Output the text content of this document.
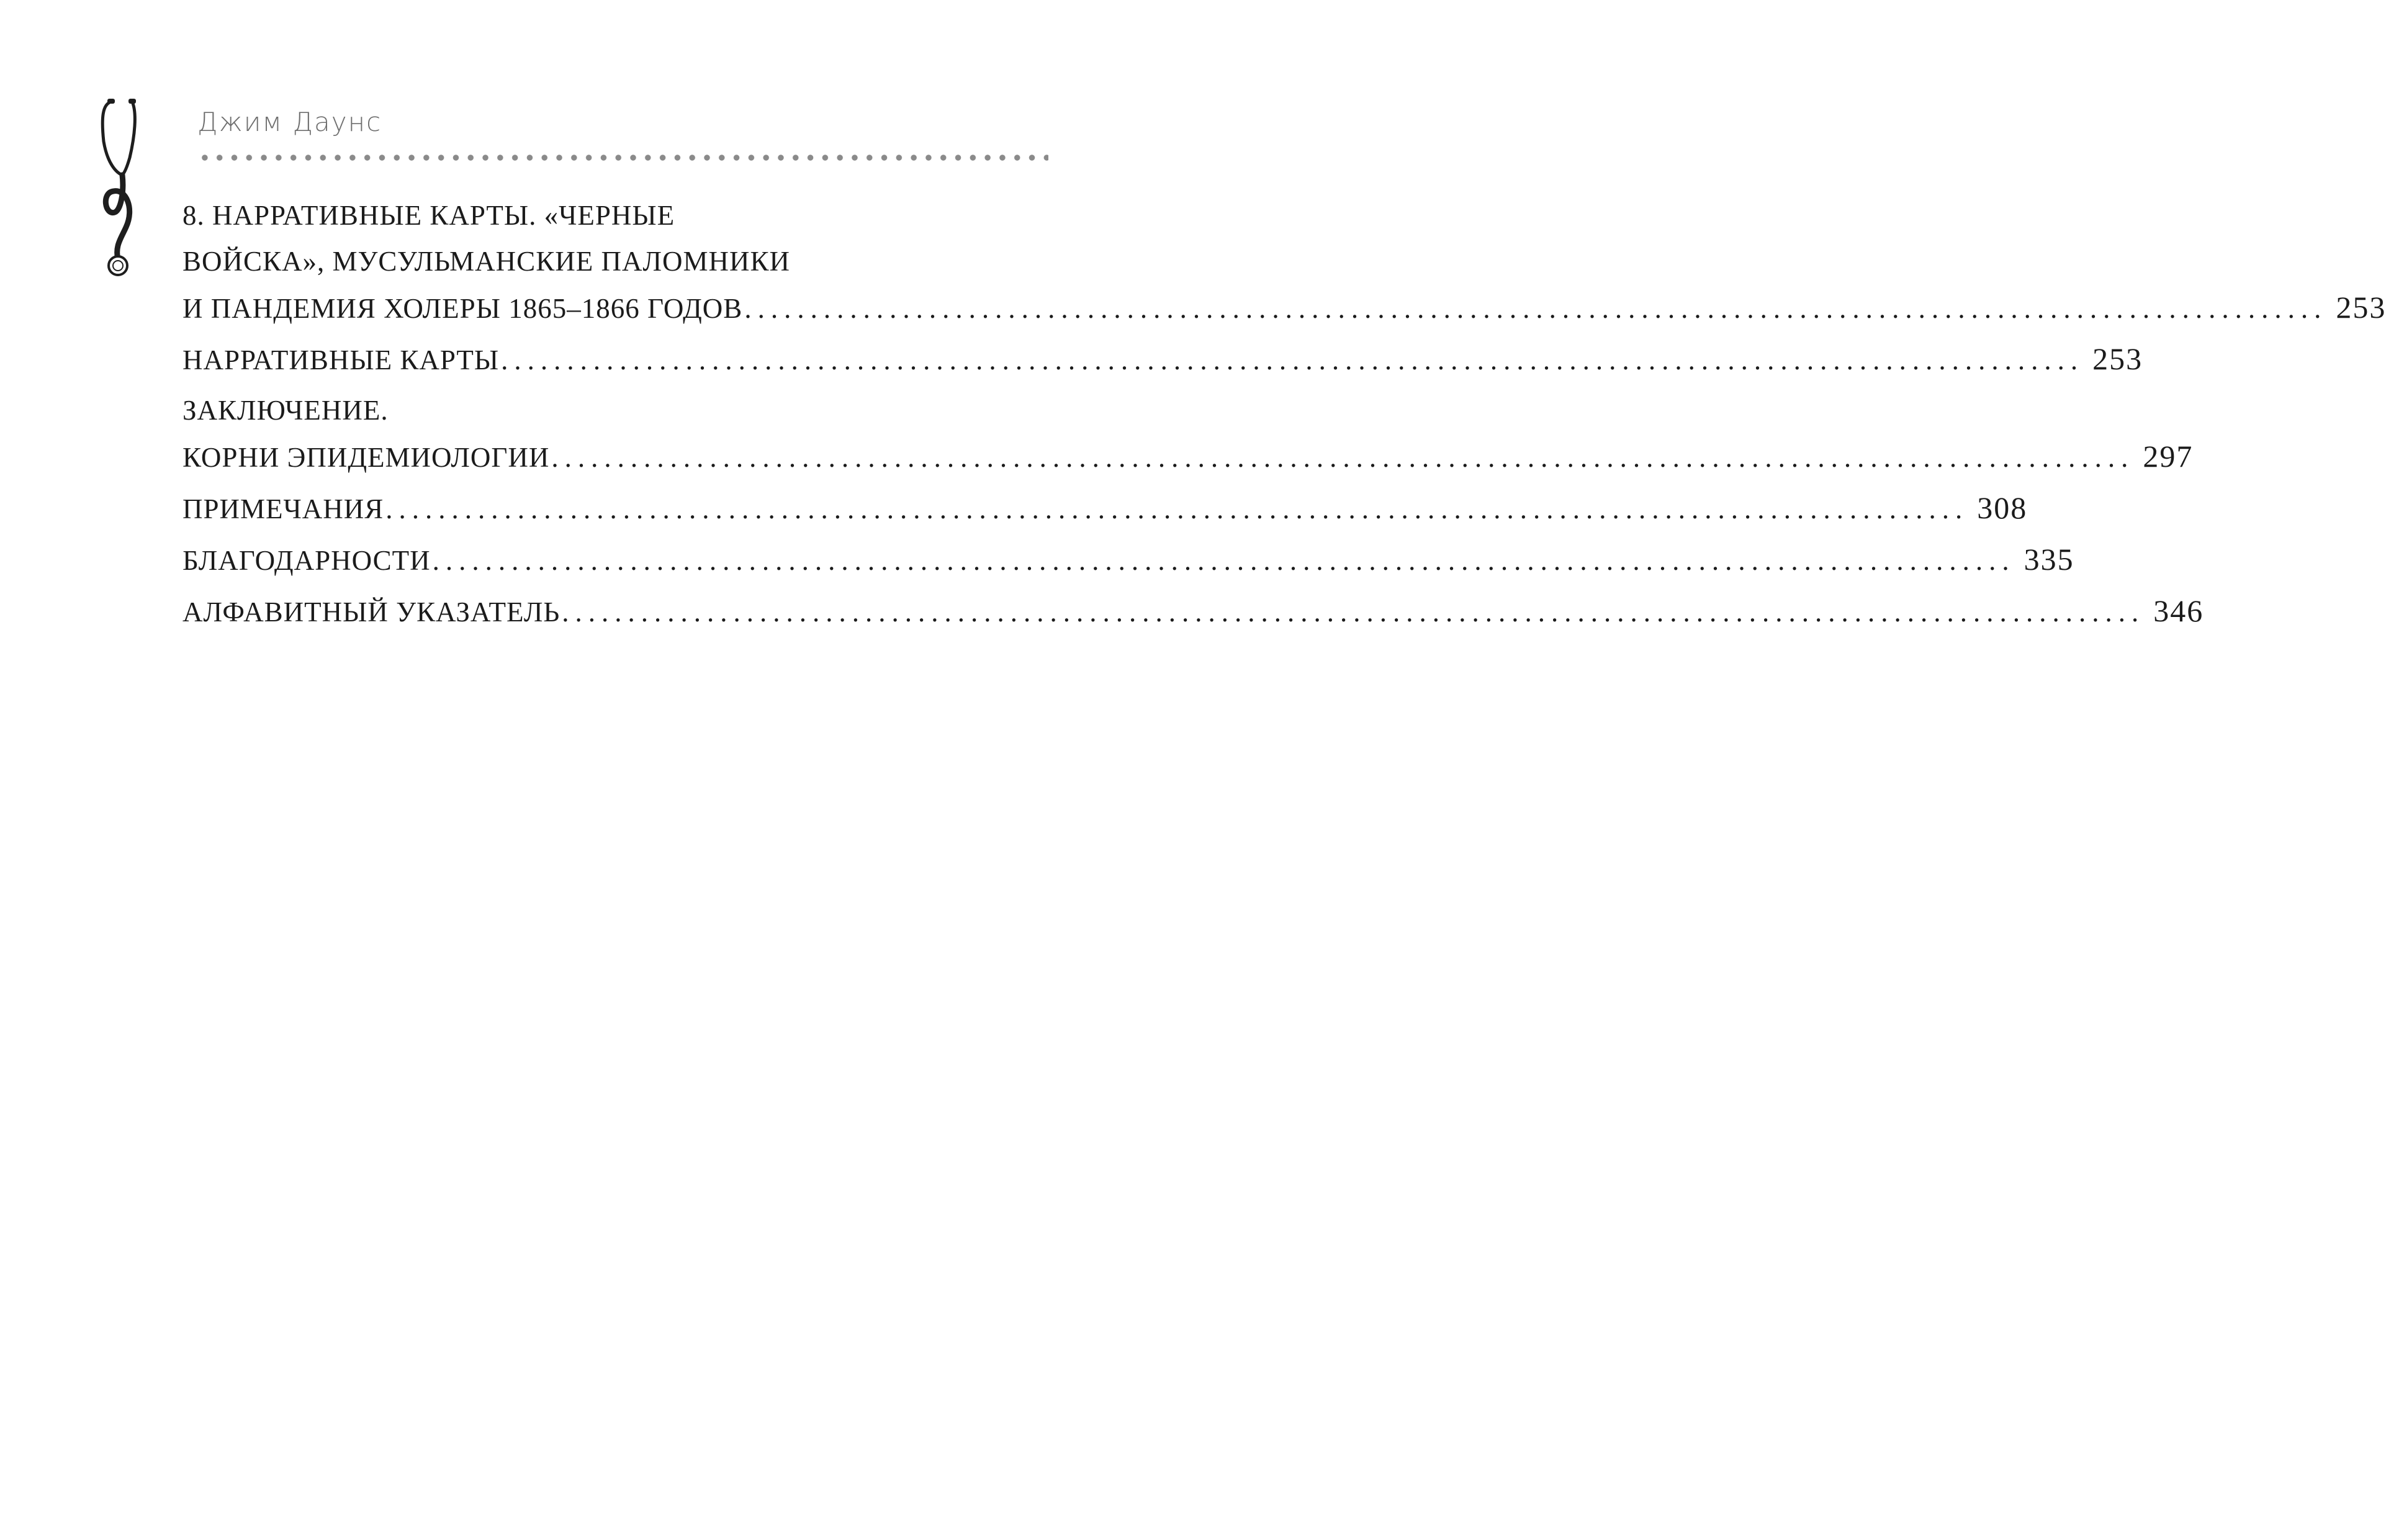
Джим Даунс
8. НАРРАТИВНЫЕ КАРТЫ. «ЧЕРНЫЕ
ВОЙСКА», МУСУЛЬМАНСКИЕ ПАЛОМНИКИ
И ПАНДЕМИЯ ХОЛЕРЫ 1865–1866 ГОДОВ ........................................................................................................................ 253
НАРРАТИВНЫЕ КАРТЫ ........................................................................................................................ 253
ЗАКЛЮЧЕНИЕ.
КОРНИ ЭПИДЕМИОЛОГИИ ........................................................................................................................ 297
ПРИМЕЧАНИЯ ........................................................................................................................ 308
БЛАГОДАРНОСТИ ........................................................................................................................ 335
АЛФАВИТНЫЙ УКАЗАТЕЛЬ ........................................................................................................................ 346
